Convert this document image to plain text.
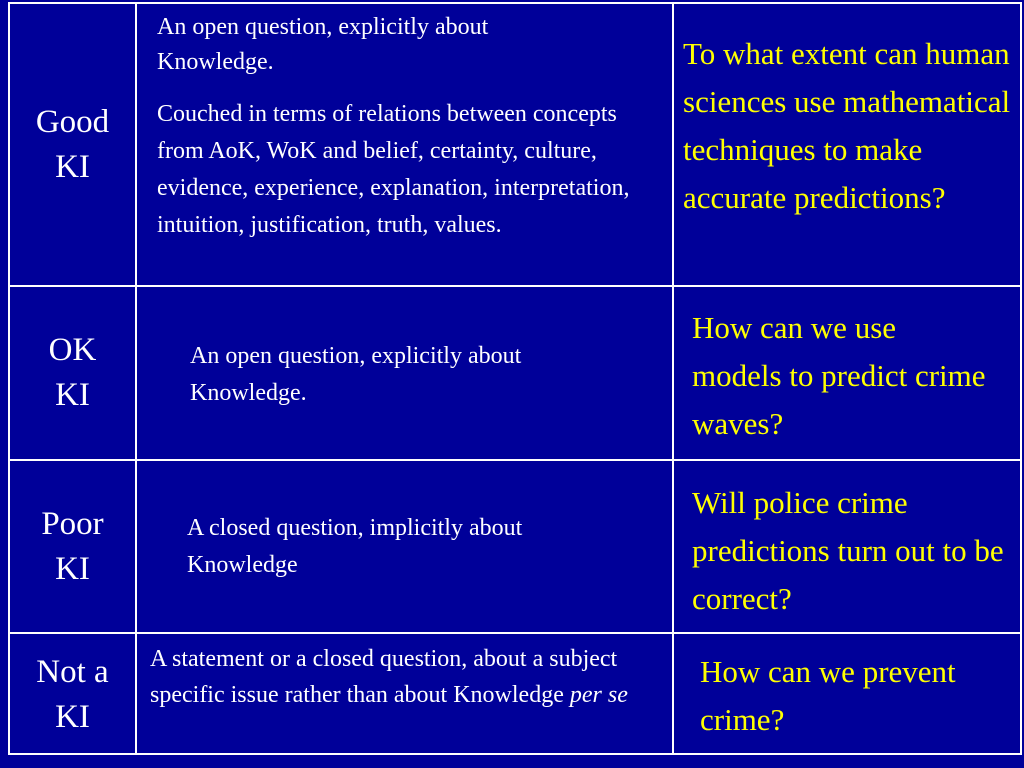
Good
KI

An open question, explicitly about Knowledge.

Couched in terms of relations between concepts from AoK, WoK and belief, certainty, culture, evidence, experience, explanation, interpretation, intuition, justification, truth, values.

To what extent can human sciences use mathematical techniques to make accurate predictions?
OK
KI
An open question, explicitly about Knowledge.
How can we use models to predict crime waves?
Poor
KI
A closed question, implicitly about Knowledge
Will police crime predictions turn out to be correct?
Not a
KI
A statement or a closed question, about a subject specific issue rather than about Knowledge per se
How can we prevent crime?
